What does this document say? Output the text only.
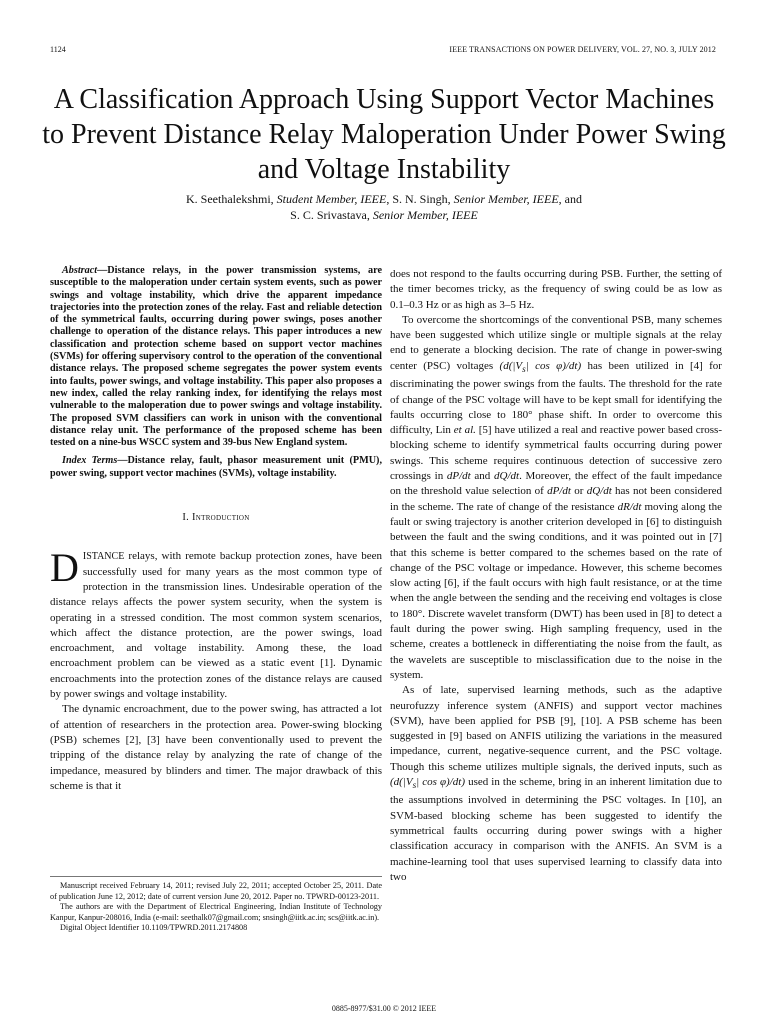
1124	IEEE TRANSACTIONS ON POWER DELIVERY, VOL. 27, NO. 3, JULY 2012
A Classification Approach Using Support Vector Machines to Prevent Distance Relay Maloperation Under Power Swing and Voltage Instability
K. Seethalekshmi, Student Member, IEEE, S. N. Singh, Senior Member, IEEE, and
S. C. Srivastava, Senior Member, IEEE

Abstract—Distance relays, in the power transmission systems, are susceptible to the maloperation under certain system events, such as power swings and voltage instability, which drive the apparent impedance trajectories into the protection zones of the relay. Fast and reliable detection of the symmetrical faults, occurring during power swings, poses another challenge to operation of the distance relays. This paper introduces a new classification and protection scheme based on support vector machines (SVMs) for offering supervisory control to the operation of the conventional distance relays. The proposed scheme segregates the power system events into faults, power swings, and voltage instability. This paper also proposes a new index, called the relay ranking index, for identifying the relays most vulnerable to the maloperation due to power swings and voltage instability. The proposed SVM classifiers can work in unison with the conventional distance relay unit. The performance of the proposed scheme has been tested on a nine-bus WSCC system and 39-bus New England system.

Index Terms—Distance relay, fault, phasor measurement unit (PMU), power swing, support vector machines (SVMs), voltage instability.

I. Introduction

DISTANCE relays, with remote backup protection zones, have been successfully used for many years as the most common type of protection in the transmission lines. Undesirable operation of the distance relays affects the power system security, when the system is operating in a stressed condition. The most common system scenarios, which affect the distance protection, are the power swings, load encroachment, and voltage instability. Among these, the load encroachment problem can be viewed as a static event [1]. Dynamic encroachments into the protection zones of the distance relays are caused by power swings and voltage instability.

The dynamic encroachment, due to the power swing, has attracted a lot of attention of researchers in the protection area. Power-swing blocking (PSB) schemes [2], [3] have been conventionally used to prevent the tripping of the distance relay by analyzing the rate of change of the impedance, measured by blinders and timer. The major drawback of this scheme is that it

Manuscript received February 14, 2011; revised July 22, 2011; accepted October 25, 2011. Date of publication June 12, 2012; date of current version June 20, 2012. Paper no. TPWRD-00123-2011.

The authors are with the Department of Electrical Engineering, Indian Institute of Technology Kanpur, Kanpur-208016, India (e-mail: seethalk07@gmail.com; snsingh@iitk.ac.in; scs@iitk.ac.in).

Digital Object Identifier 10.1109/TPWRD.2011.2174808

does not respond to the faults occurring during PSB. Further, the setting of the timer becomes tricky, as the frequency of swing could be as low as 0.1–0.3 Hz or as high as 3–5 Hz.

To overcome the shortcomings of the conventional PSB, many schemes have been suggested which utilize single or multiple signals at the relay end to generate a blocking decision. The rate of change in power-swing center (PSC) voltages ($d(|V_s|$ cos φ)/dt) has been utilized in [4] for discriminating the power swings from the faults. The threshold for the rate of change of the PSC voltage will have to be kept small for identifying the faults occurring close to 180° phase shift. In order to overcome this difficulty, Lin et al. [5] have utilized a real and reactive power based cross-blocking scheme to identify symmetrical faults occurring during power swings. This scheme requires continuous detection of successive zero crossings in dP/dt and dQ/dt. Moreover, the effect of the fault impedance on the threshold value selection of dP/dt or dQ/dt has not been considered in the scheme. The rate of change of the resistance dR/dt moving along the fault or swing trajectory is another criterion developed in [6] to distinguish between the fault and the swing conditions, and it was pointed out in [7] that this scheme is better compared to the schemes based on the rate of change of the PSC voltage or impedance. However, this scheme becomes slow acting [6], if the fault occurs with high fault resistance, or at the time when the angle between the sending and the receiving end voltages is close to 180°. Discrete wavelet transform (DWT) has been used in [8] to detect a fault during the power swing. High sampling frequency, used in the scheme, creates a bottleneck in differentiating the noise from the fault, as the wavelets are susceptible to misclassification due to the noise in the system.

As of late, supervised learning methods, such as the adaptive neurofuzzy inference system (ANFIS) and support vector machines (SVM), have been applied for PSB [9], [10]. A PSB scheme has been suggested in [9] based on ANFIS utilizing the variations in the measured impedance, current, negative-sequence current, and the PSC voltage. Though this scheme utilizes multiple signals, the derived inputs, such as ($d(|V_s|$ cos φ)/dt) used in the scheme, bring in an inherent limitation due to the assumptions involved in determining the PSC voltages. In [10], an SVM-based blocking scheme has been suggested to identify the symmetrical faults occurring during power swings with a higher classification accuracy in comparison with the ANFIS. An SVM is a machine-learning tool that uses supervised learning to classify data into two

0885-8977/$31.00 © 2012 IEEE
